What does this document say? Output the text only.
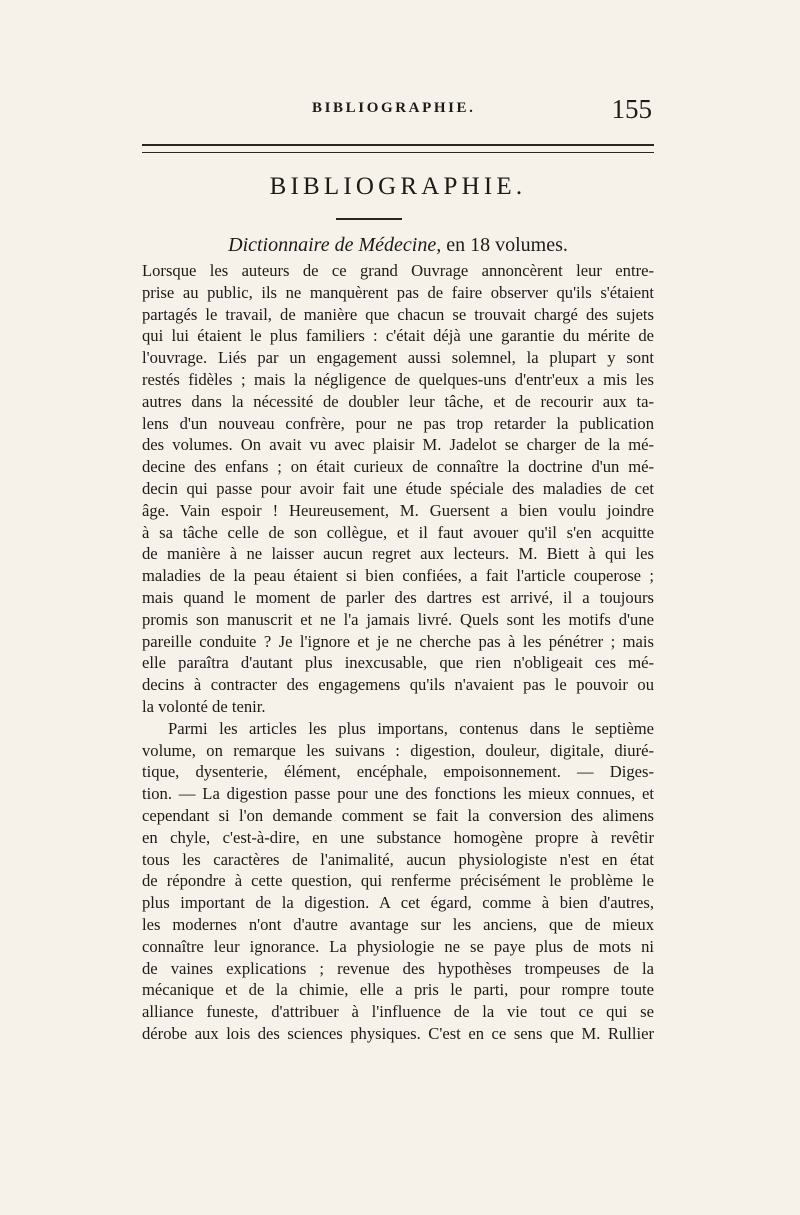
BIBLIOGRAPHIE.	155
BIBLIOGRAPHIE.
Dictionnaire de Médecine, en 18 volumes.
Lorsque les auteurs de ce grand Ouvrage annoncèrent leur entre-
prise au public, ils ne manquèrent pas de faire observer qu'ils s'étaient
partagés le travail, de manière que chacun se trouvait chargé des sujets
qui lui étaient le plus familiers : c'était déjà une garantie du mérite de
l'ouvrage. Liés par un engagement aussi solemnel, la plupart y sont
restés fidèles ; mais la négligence de quelques-uns d'entr'eux a mis les
autres dans la nécessité de doubler leur tâche, et de recourir aux ta-
lens d'un nouveau confrère, pour ne pas trop retarder la publication
des volumes. On avait vu avec plaisir M. Jadelot se charger de la mé-
decine des enfans ; on était curieux de connaître la doctrine d'un mé-
decin qui passe pour avoir fait une étude spéciale des maladies de cet
âge. Vain espoir ! Heureusement, M. Guersent a bien voulu joindre
à sa tâche celle de son collègue, et il faut avouer qu'il s'en acquitte
de manière à ne laisser aucun regret aux lecteurs. M. Biett à qui les
maladies de la peau étaient si bien confiées, a fait l'article couperose ;
mais quand le moment de parler des dartres est arrivé, il a toujours
promis son manuscrit et ne l'a jamais livré. Quels sont les motifs d'une
pareille conduite ? Je l'ignore et je ne cherche pas à les pénétrer ; mais
elle paraîtra d'autant plus inexcusable, que rien n'obligeait ces mé-
decins à contracter des engagemens qu'ils n'avaient pas le pouvoir ou
la volonté de tenir.
Parmi les articles les plus importans, contenus dans le septième
volume, on remarque les suivans : digestion, douleur, digitale, diuré-
tique, dysenterie, élément, encéphale, empoisonnement. — Diges-
tion. — La digestion passe pour une des fonctions les mieux connues, et
cependant si l'on demande comment se fait la conversion des alimens
en chyle, c'est-à-dire, en une substance homogène propre à revêtir
tous les caractères de l'animalité, aucun physiologiste n'est en état
de répondre à cette question, qui renferme précisément le problème le
plus important de la digestion. A cet égard, comme à bien d'autres,
les modernes n'ont d'autre avantage sur les anciens, que de mieux
connaître leur ignorance. La physiologie ne se paye plus de mots ni
de vaines explications ; revenue des hypothèses trompeuses de la
mécanique et de la chimie, elle a pris le parti, pour rompre toute
alliance funeste, d'attribuer à l'influence de la vie tout ce qui se
dérobe aux lois des sciences physiques. C'est en ce sens que M. Rullier
